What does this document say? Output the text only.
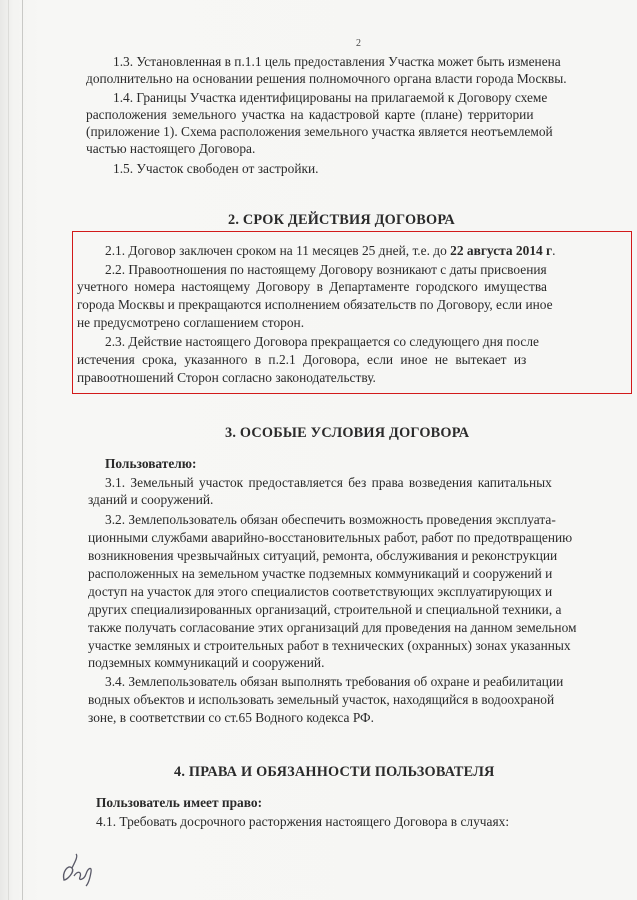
2
1.3. Установленная в п.1.1 цель предоставления Участка может быть изменена
дополнительно на основании решения полномочного органа власти города Москвы.
1.4. Границы Участка идентифицированы на прилагаемой к Договору схеме
расположения земельного участка на кадастровой карте (плане) территории
(приложение 1). Схема расположения земельного участка является неотъемлемой
частью настоящего Договора.
1.5. Участок свободен от застройки.
2. СРОК ДЕЙСТВИЯ ДОГОВОРА
2.1. Договор заключен сроком на 11 месяцев 25 дней, т.е. до 22 августа 2014 г.
2.2. Правоотношения по настоящему Договору возникают с даты присвоения
учетного номера настоящему Договору в Департаменте городского имущества
города Москвы и прекращаются исполнением обязательств по Договору, если иное
не предусмотрено соглашением сторон.
2.3. Действие настоящего Договора прекращается со следующего дня после
истечения срока, указанного в п.2.1 Договора, если иное не вытекает из
правоотношений Сторон согласно законодательству.
3. ОСОБЫЕ УСЛОВИЯ ДОГОВОРА
Пользователю:
3.1. Земельный участок предоставляется без права возведения капитальных
зданий и сооружений.
3.2. Землепользователь обязан обеспечить возможность проведения эксплуата-
ционными службами аварийно-восстановительных работ, работ по предотвращению
возникновения чрезвычайных ситуаций, ремонта, обслуживания и реконструкции
расположенных на земельном участке подземных коммуникаций и сооружений и
доступ на участок для этого специалистов соответствующих эксплуатирующих и
других специализированных организаций, строительной и специальной техники, а
также получать согласование этих организаций для проведения на данном земельном
участке земляных и строительных работ в технических (охранных) зонах указанных
подземных коммуникаций и сооружений.
3.4. Землепользователь обязан выполнять требования об охране и реабилитации
водных объектов и использовать земельный участок, находящийся в водоохраной
зоне, в соответствии со ст.65 Водного кодекса РФ.
4. ПРАВА И ОБЯЗАННОСТИ ПОЛЬЗОВАТЕЛЯ
Пользователь имеет право:
4.1. Требовать досрочного расторжения настоящего Договора в случаях:
